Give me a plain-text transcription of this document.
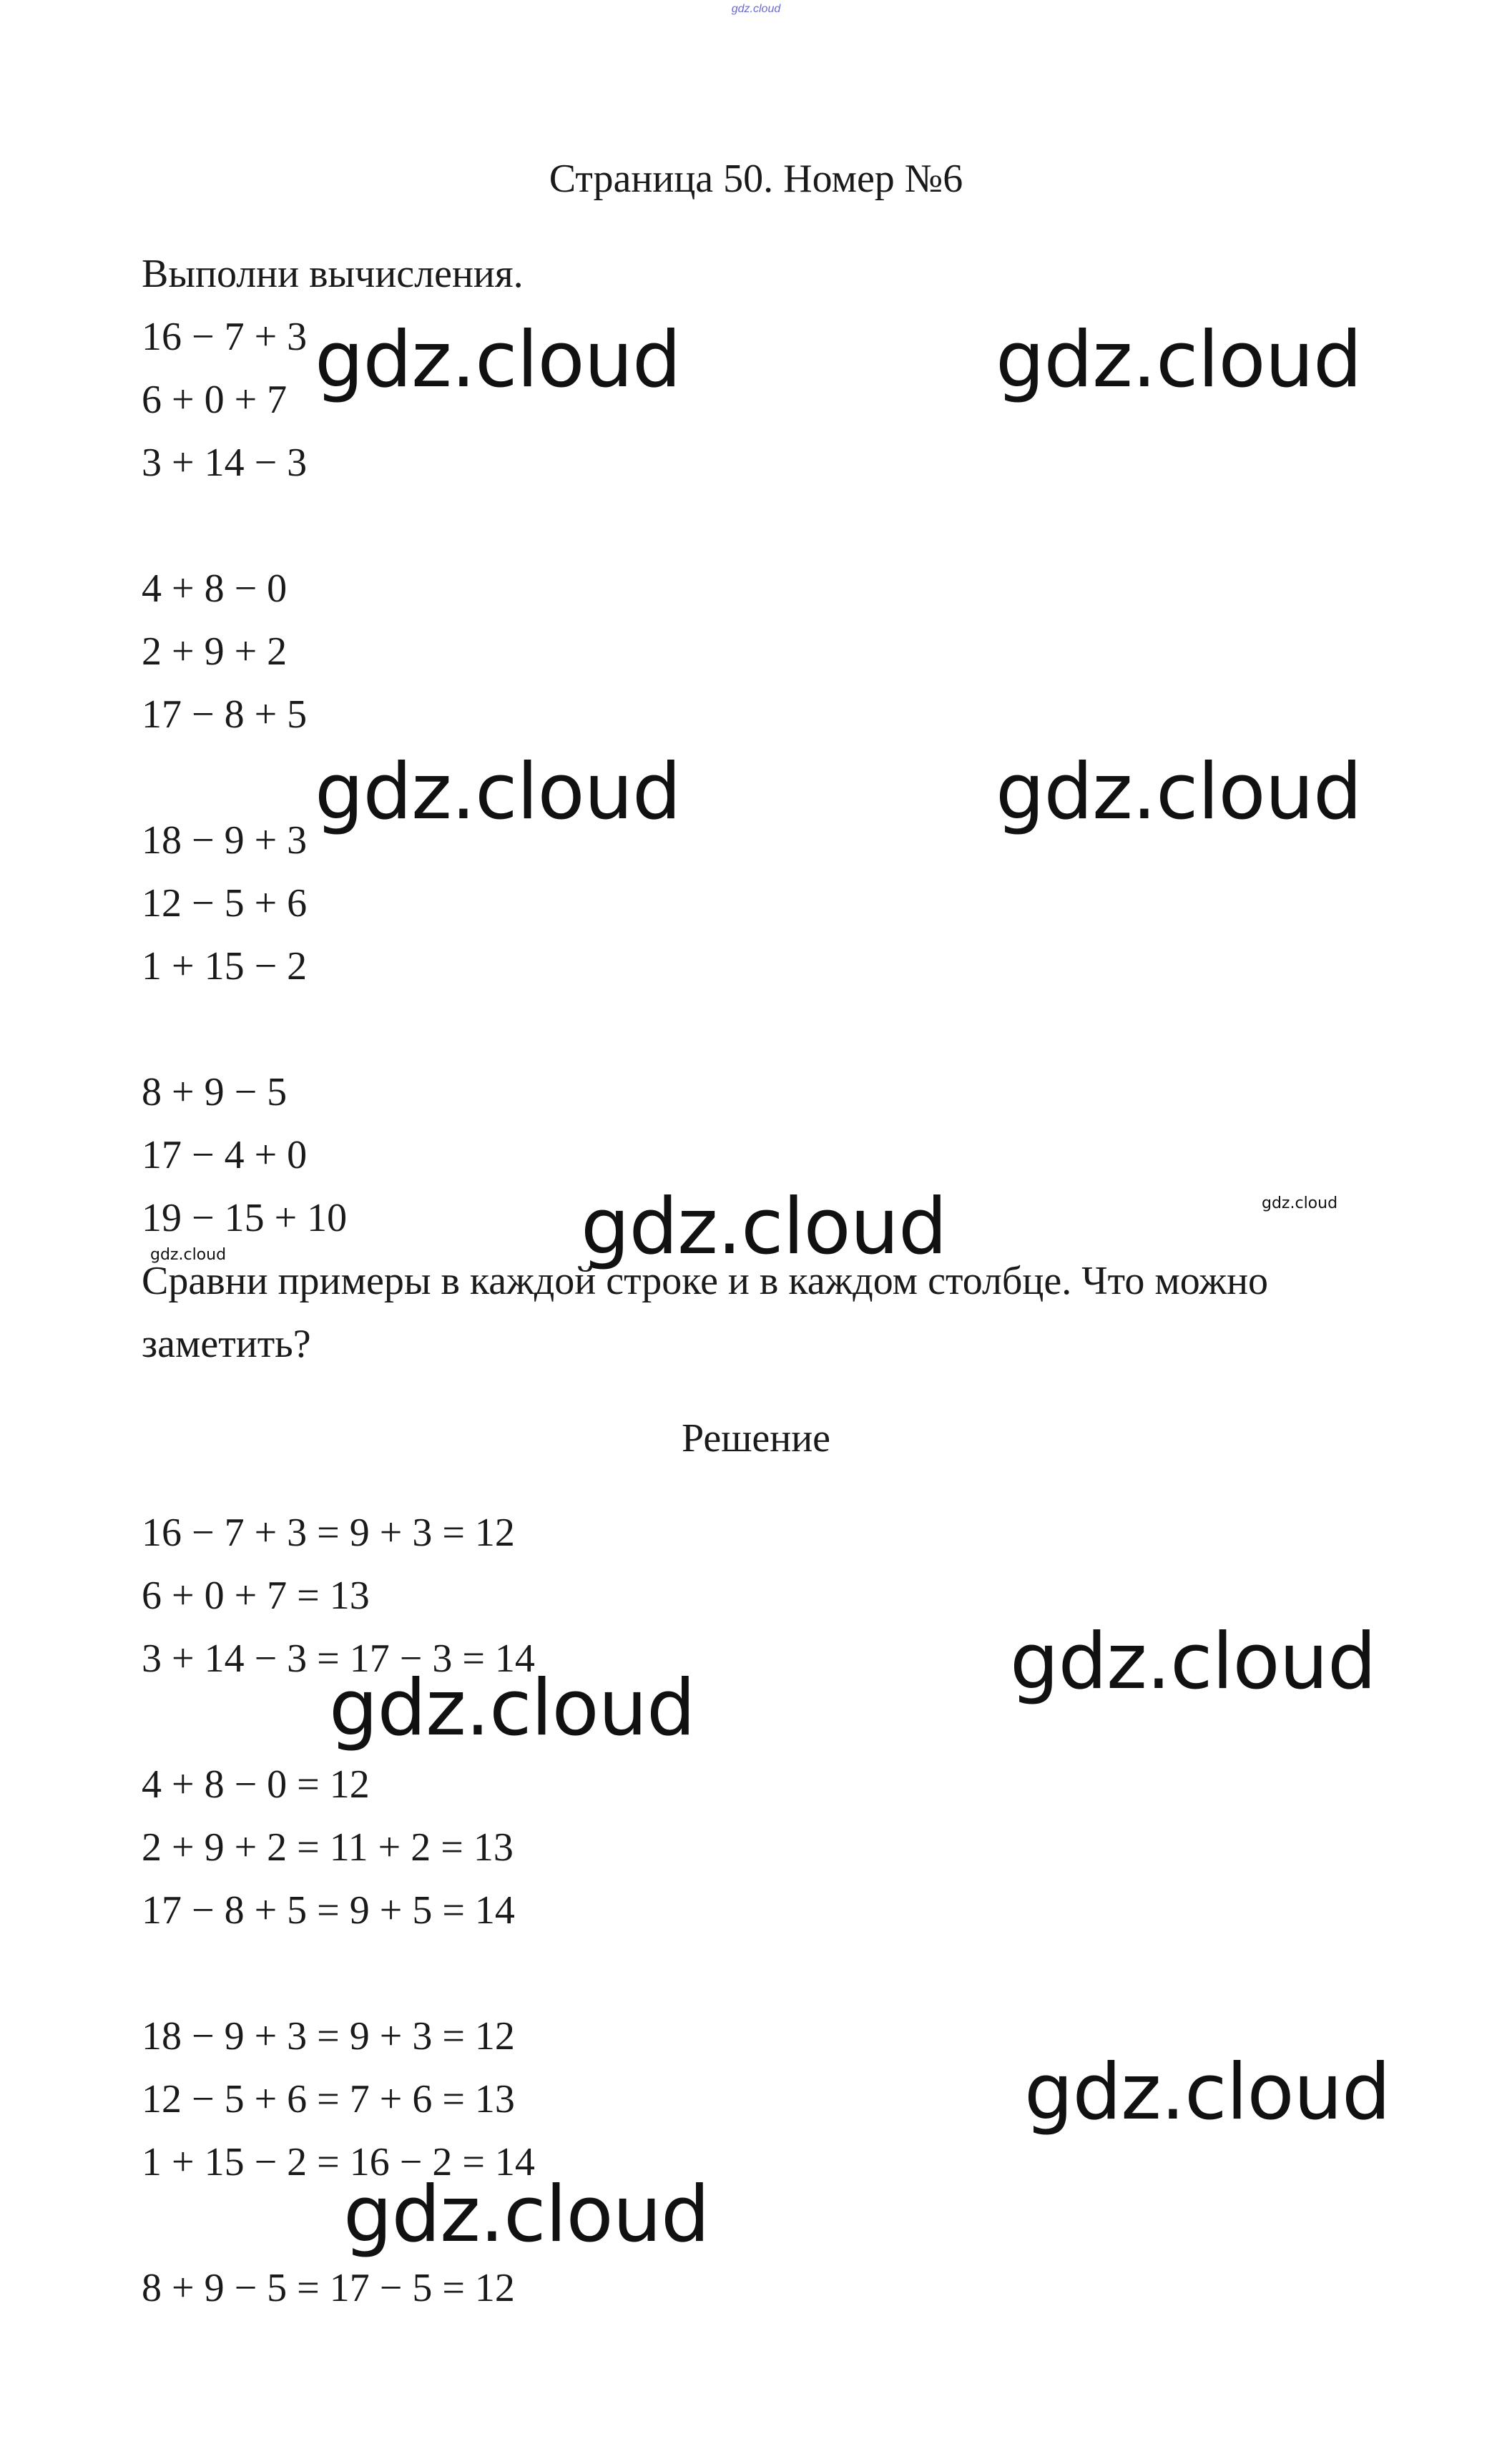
gdz.cloud
Страница 50. Номер №6
Выполни вычисления.
16 − 7 + 3
6 + 0 + 7
3 + 14 − 3
4 + 8 − 0
2 + 9 + 2
17 − 8 + 5
18 − 9 + 3
12 − 5 + 6
1 + 15 − 2
8 + 9 − 5
17 − 4 + 0
19 − 15 + 10
Сравни примеры в каждой строке и в каждом столбце. Что можно
заметить?
Решение
16 − 7 + 3 = 9 + 3 = 12
6 + 0 + 7 = 13
3 + 14 − 3 = 17 − 3 = 14
4 + 8 − 0 = 12
2 + 9 + 2 = 11 + 2 = 13
17 − 8 + 5 = 9 + 5 = 14
18 − 9 + 3 = 9 + 3 = 12
12 − 5 + 6 = 7 + 6 = 13
1 + 15 − 2 = 16 − 2 = 14
8 + 9 − 5 = 17 − 5 = 12
gdz.cloud	gdz.cloud
gdz.cloud	gdz.cloud
gdz.cloud	gdz.cloud
gdz.cloud
gdz.cloud
gdz.cloud
gdz.cloud
gdz.cloud
